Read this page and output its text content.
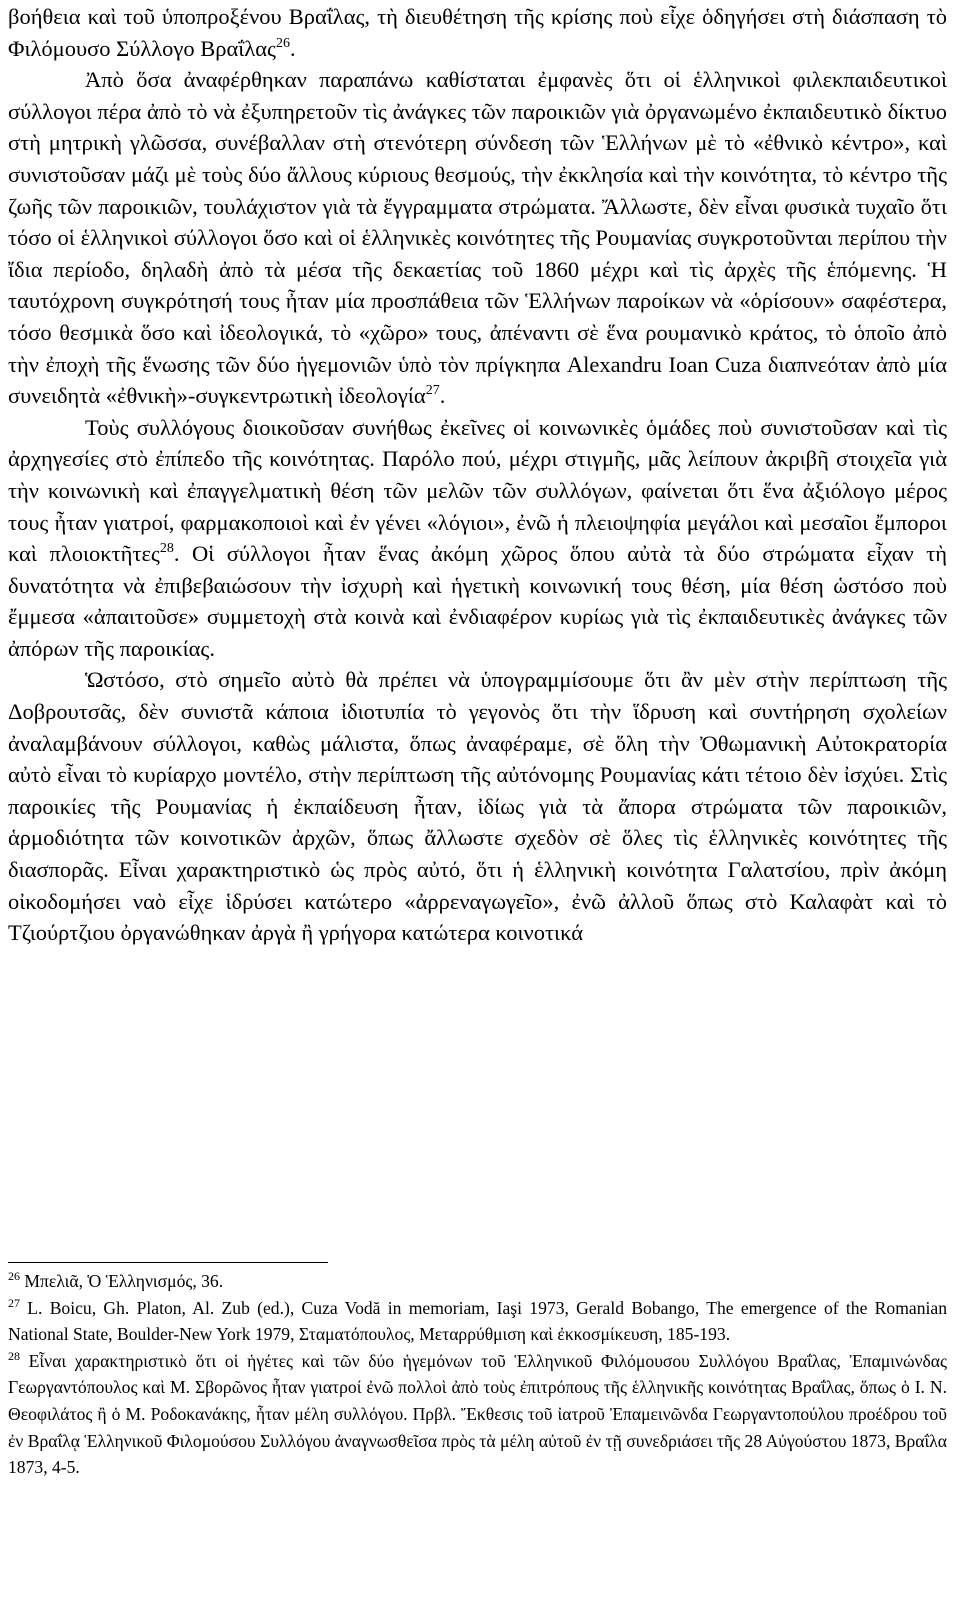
βοήθεια καὶ τοῦ ὑποπροξένου Βραΐλας, τὴ διευθέτηση τῆς κρίσης ποὺ εἶχε ὁδηγήσει στὴ διάσπαση τὸ Φιλόμουσο Σύλλογο Βραΐλας$^{26}$.

Ἀπὸ ὅσα ἀναφέρθηκαν παραπάνω καθίσταται ἐμφανὲς ὅτι οἱ ἑλληνικοὶ φιλεκπαιδευτικοὶ σύλλογοι πέρα ἀπὸ τὸ νὰ ἐξυπηρετοῦν τὶς ἀνάγκες τῶν παροικιῶν γιὰ ὀργανωμένο ἐκπαιδευτικὸ δίκτυο στὴ μητρικὴ γλῶσσα, συνέβαλλαν στὴ στενότερη σύνδεση τῶν Ἑλλήνων μὲ τὸ «ἐθνικὸ κέντρο», καὶ συνιστοῦσαν μάζι μὲ τοὺς δύο ἄλλους κύριους θεσμούς, τὴν ἐκκλησία καὶ τὴν κοινότητα, τὸ κέντρο τῆς ζωῆς τῶν παροικιῶν, τουλάχιστον γιὰ τὰ ἔγγραμματα στρώματα. Ἄλλωστε, δὲν εἶναι φυσικὰ τυχαῖο ὅτι τόσο οἱ ἑλληνικοὶ σύλλογοι ὅσο καὶ οἱ ἑλληνικὲς κοινότητες τῆς Ρουμανίας συγκροτοῦνται περίπου τὴν ἴδια περίοδο, δηλαδὴ ἀπὸ τὰ μέσα τῆς δεκαετίας τοῦ 1860 μέχρι καὶ τὶς ἀρχὲς τῆς ἑπόμενης. Ἡ ταυτόχρονη συγκρότησή τους ἦταν μία προσπάθεια τῶν Ἑλλήνων παροίκων νὰ «ὁρίσουν» σαφέστερα, τόσο θεσμικὰ ὅσο καὶ ἰδεολογικά, τὸ «χῶρο» τους, ἀπέναντι σὲ ἕνα ρουμανικὸ κράτος, τὸ ὁποῖο ἀπὸ τὴν ἐποχὴ τῆς ἕνωσης τῶν δύο ἡγεμονιῶν ὑπὸ τὸν πρίγκηπα Alexandru Ioan Cuza διαπνεόταν ἀπὸ μία συνειδητὰ «ἐθνικὴ»-συγκεντρωτικὴ ἰδεολογία$^{27}$.

Τοὺς συλλόγους διοικοῦσαν συνήθως ἐκεῖνες οἱ κοινωνικὲς ὁμάδες ποὺ συνιστοῦσαν καὶ τὶς ἀρχηγεσίες στὸ ἐπίπεδο τῆς κοινότητας. Παρόλο πού, μέχρι στιγμῆς, μᾶς λείπουν ἀκριβῆ στοιχεῖα γιὰ τὴν κοινωνικὴ καὶ ἐπαγγελματικὴ θέση τῶν μελῶν τῶν συλλόγων, φαίνεται ὅτι ἕνα ἀξιόλογο μέρος τους ἦταν γιατροί, φαρμακοποιοὶ καὶ ἐν γένει «λόγιοι», ἐνῶ ἡ πλειοψηφία μεγάλοι καὶ μεσαῖοι ἔμποροι καὶ πλοιοκτῆτες$^{28}$. Οἱ σύλλογοι ἦταν ἕνας ἀκόμη χῶρος ὅπου αὐτὰ τὰ δύο στρώματα εἶχαν τὴ δυνατότητα νὰ ἐπιβεβαιώσουν τὴν ἰσχυρὴ καὶ ἡγετικὴ κοινωνική τους θέση, μία θέση ὡστόσο ποὺ ἔμμεσα «ἀπαιτοῦσε» συμμετοχὴ στὰ κοινὰ καὶ ἐνδιαφέρον κυρίως γιὰ τὶς ἐκπαιδευτικὲς ἀνάγκες τῶν ἀπόρων τῆς παροικίας.

Ὡστόσο, στὸ σημεῖο αὐτὸ θὰ πρέπει νὰ ὑπογραμμίσουμε ὅτι ἂν μὲν στὴν περίπτωση τῆς Δοβρουτσᾶς, δὲν συνιστᾶ κάποια ἰδιοτυπία τὸ γεγονὸς ὅτι τὴν ἵδρυση καὶ συντήρηση σχολείων ἀναλαμβάνουν σύλλογοι, καθὼς μάλιστα, ὅπως ἀναφέραμε, σὲ ὅλη τὴν Ὀθωμανικὴ Αὐτοκρατορία αὐτὸ εἶναι τὸ κυρίαρχο μοντέλο, στὴν περίπτωση τῆς αὐτόνομης Ρουμανίας κάτι τέτοιο δὲν ἰσχύει. Στὶς παροικίες τῆς Ρουμανίας ἡ ἐκπαίδευση ἦταν, ἰδίως γιὰ τὰ ἄπορα στρώματα τῶν παροικιῶν, ἁρμοδιότητα τῶν κοινοτικῶν ἀρχῶν, ὅπως ἄλλωστε σχεδὸν σὲ ὅλες τὶς ἑλληνικὲς κοινότητες τῆς διασπορᾶς. Εἶναι χαρακτηριστικὸ ὡς πρὸς αὐτό, ὅτι ἡ ἑλληνικὴ κοινότητα Γαλατσίου, πρὶν ἀκόμη οἰκοδομήσει ναὸ εἶχε ἱδρύσει κατώτερο «ἀρρεναγωγεῖο», ἐνῶ ἀλλοῦ ὅπως στὸ Καλαφὰτ καὶ τὸ Τζιούρτζιου ὀργανώθηκαν ἀργὰ ἢ γρήγορα κατώτερα κοινοτικά

$^{26}$ Μπελιᾶ, Ὁ Ἑλληνισμός, 36.

$^{27}$ L. Boicu, Gh. Platon, Al. Zub (ed.), Cuza Vodă in memoriam, Iaşi 1973, Gerald Bobango, The emergence of the Romanian National State, Boulder-New York 1979, Σταματόπουλος, Μεταρρύθμιση καὶ ἐκκοσμίκευση, 185-193.

$^{28}$ Εἶναι χαρακτηριστικὸ ὅτι οἱ ἡγέτες καὶ τῶν δύο ἡγεμόνων τοῦ Ἑλληνικοῦ Φιλόμουσου Συλλόγου Βραΐλας, Ἐπαμινώνδας Γεωργαντόπουλος καὶ Μ. Σβορῶνος ἦταν γιατροί ἐνῶ πολλοὶ ἀπὸ τοὺς ἐπιτρόπους τῆς ἑλληνικῆς κοινότητας Βραΐλας, ὅπως ὁ Ι. Ν. Θεοφιλάτος ἢ ὁ Μ. Ροδοκανάκης, ἦταν μέλη συλλόγου. Πρβλ. Ἔκθεσις τοῦ ἰατροῦ Ἐπαμεινῶνδα Γεωργαντοπούλου προέδρου τοῦ ἐν Βραΐλᾳ Ἑλληνικοῦ Φιλομούσου Συλλόγου ἀναγνωσθεῖσα πρὸς τὰ μέλη αὐτοῦ ἐν τῇ συνεδριάσει τῆς 28 Αὐγούστου 1873, Βραΐλα 1873, 4-5.
